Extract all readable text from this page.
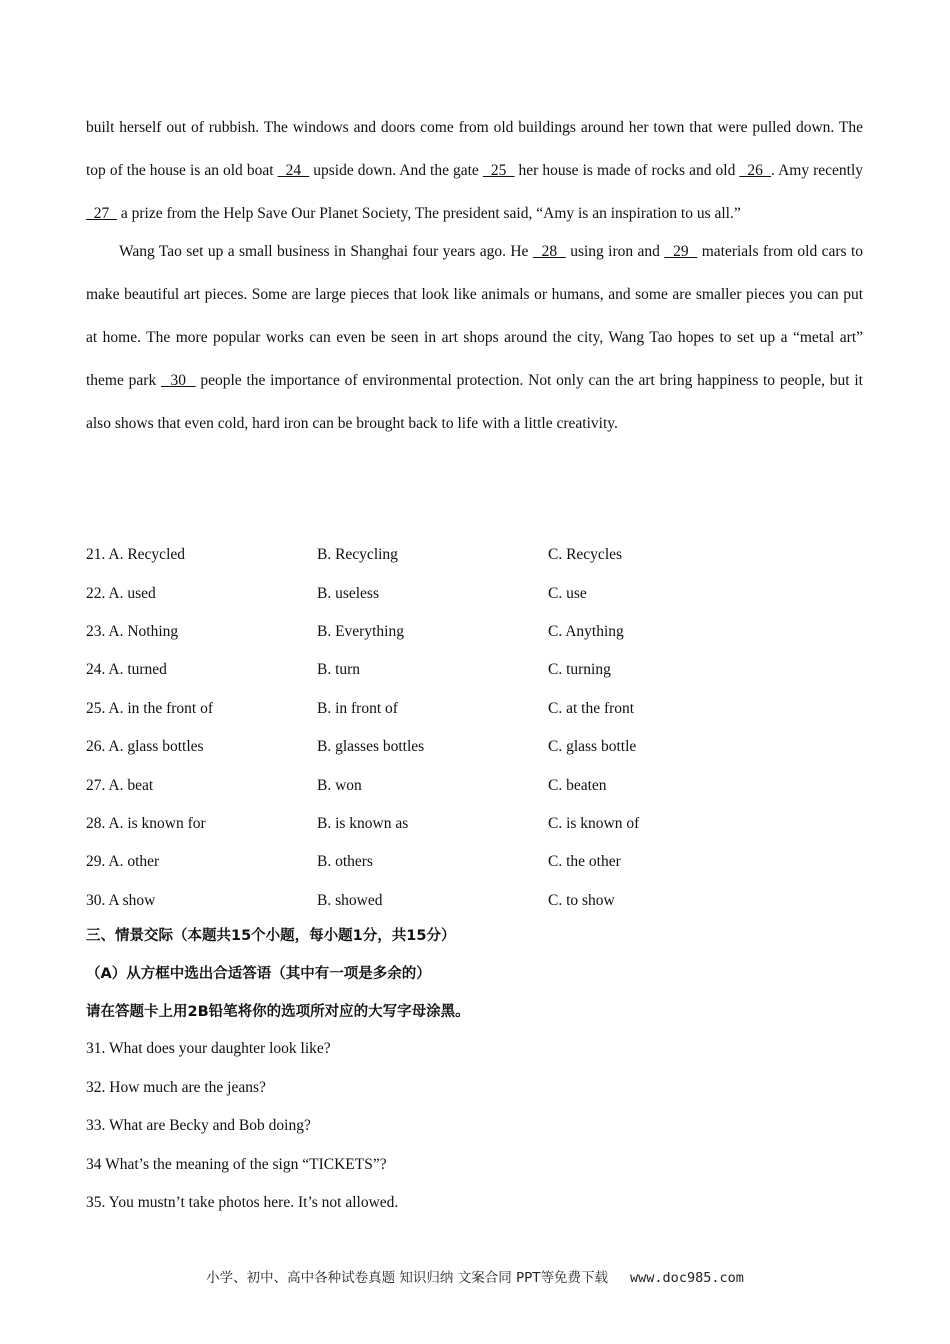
built herself out of rubbish. The windows and doors come from old buildings around her town that were pulled down. The top of the house is an old boat   24   upside down. And the gate   25   her house is made of rocks and old   26  . Amy recently   27   a prize from the Help Save Our Planet Society, The president said, “Amy is an inspiration to us all.”

Wang Tao set up a small business in Shanghai four years ago. He   28   using iron and   29   materials from old cars to make beautiful art pieces. Some are large pieces that look like animals or humans, and some are smaller pieces you can put at home. The more popular works can even be seen in art shops around the city, Wang Tao hopes to set up a “metal art” theme park   30   people the importance of environmental protection. Not only can the art bring happiness to people, but it also shows that even cold, hard iron can be brought back to life with a little creativity.

21. A. Recycled	B. Recycling	C. Recycles
22. A. used	B. useless	C. use
23. A. Nothing	B. Everything	C. Anything
24. A. turned	B. turn	C. turning
25. A. in the front of	B. in front of	C. at the front
26. A. glass bottles	B. glasses bottles	C. glass bottle
27. A. beat	B. won	C. beaten
28. A. is known for	B. is known as	C. is known of
29. A. other	B. others	C. the other
30. A show	B. showed	C. to show
三、情景交际（本题共15个小题，每小题1分，共15分）
（A）从方框中选出合适答语（其中有一项是多余的）
请在答题卡上用2B铅笔将你的选项所对应的大写字母涂黑。
31. What does your daughter look like?
32. How much are the jeans?
33. What are Becky and Bob doing?
34 What’s the meaning of the sign “TICKETS”?
35. You mustn’t take photos here. It’s not allowed.
小学、初中、高中各种试卷真题 知识归纳 文案合同 PPT等免费下载 www.doc985.com
